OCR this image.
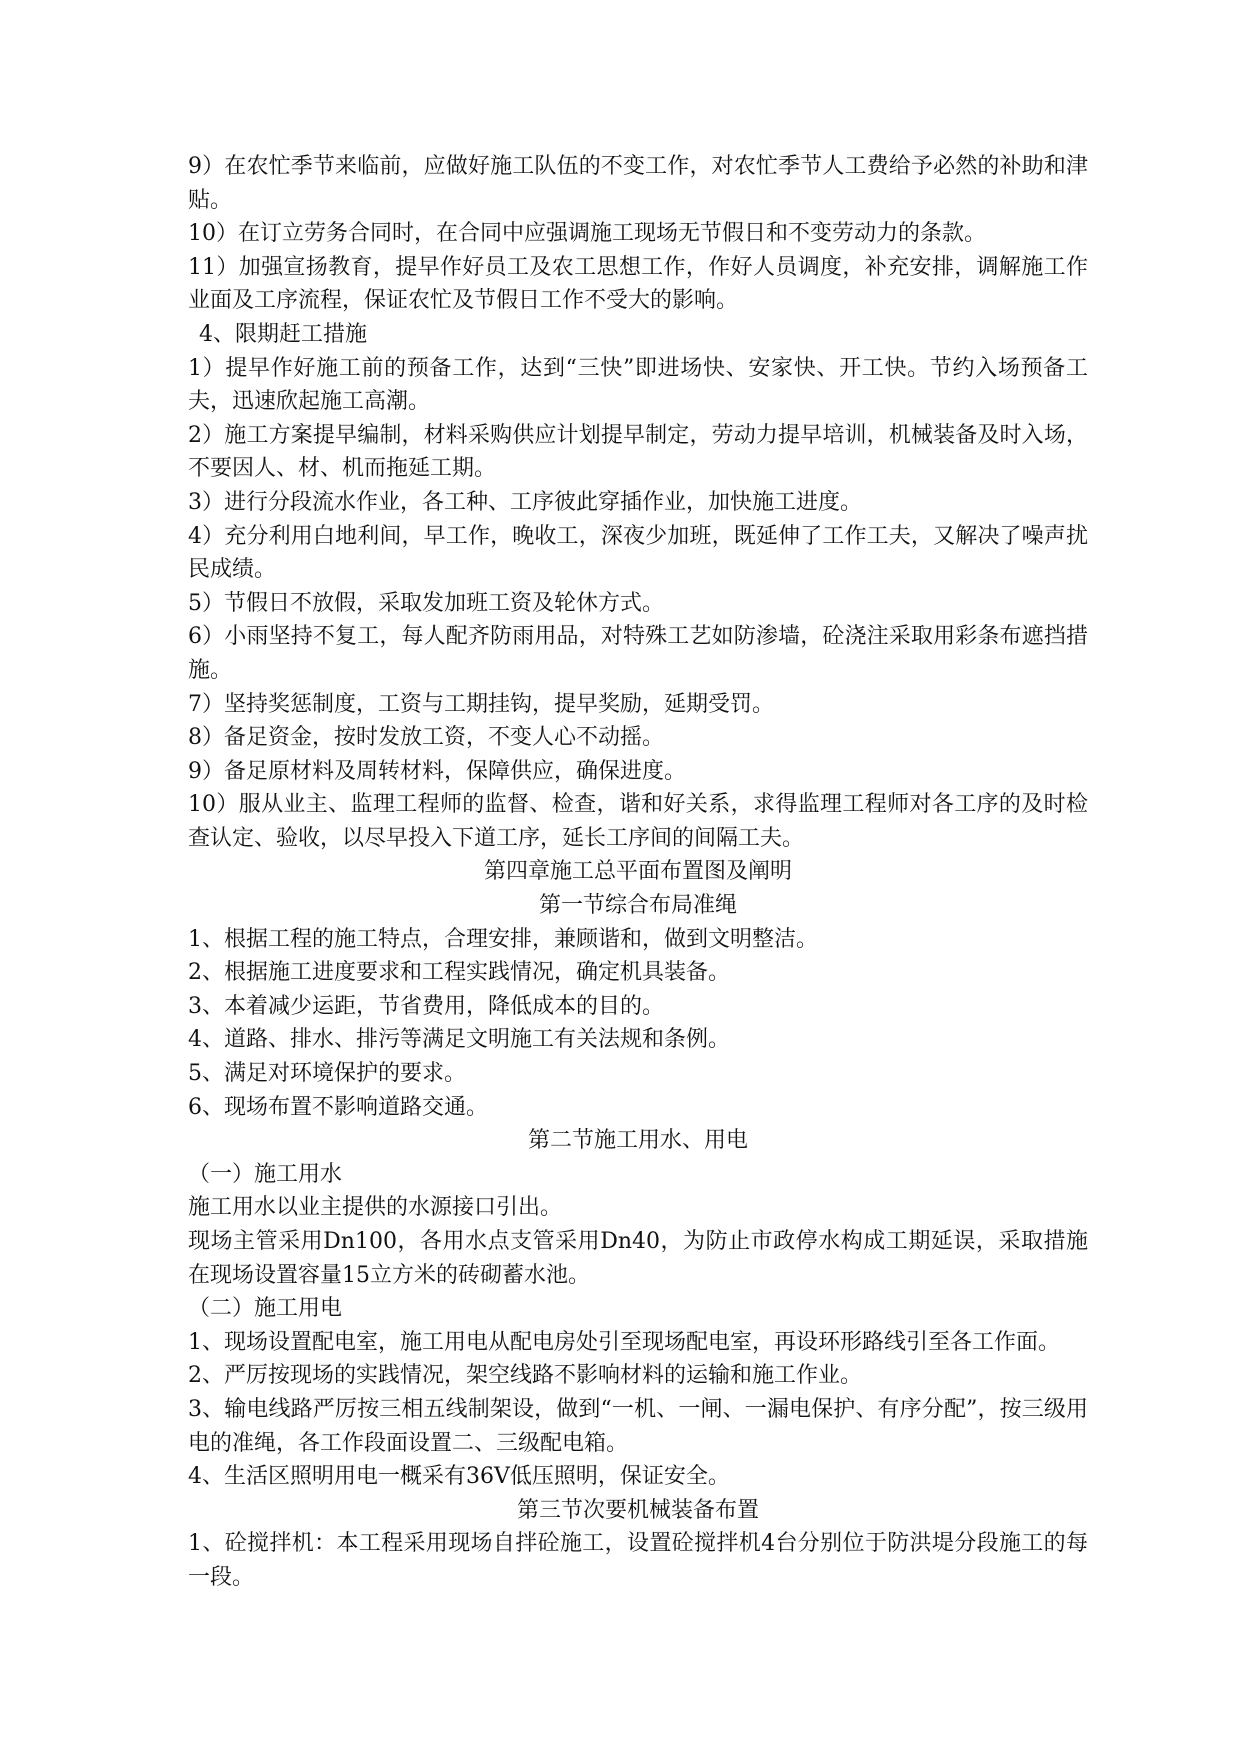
9）在农忙季节来临前，应做好施工队伍的不变工作，对农忙季节人工费给予必然的补助和津贴。

10）在订立劳务合同时，在合同中应强调施工现场无节假日和不变劳动力的条款。

11）加强宣扬教育，提早作好员工及农工思想工作，作好人员调度，补充安排，调解施工作业面及工序流程，保证农忙及节假日工作不受大的影响。

4、限期赶工措施

1）提早作好施工前的预备工作，达到“三快”即进场快、安家快、开工快。节约入场预备工夫，迅速欣起施工高潮。

2）施工方案提早编制，材料采购供应计划提早制定，劳动力提早培训，机械装备及时入场，不要因人、材、机而拖延工期。

3）进行分段流水作业，各工种、工序彼此穿插作业，加快施工进度。

4）充分利用白地利间，早工作，晚收工，深夜少加班，既延伸了工作工夫，又解决了噪声扰民成绩。

5）节假日不放假，采取发加班工资及轮休方式。

6）小雨坚持不复工，每人配齐防雨用品，对特殊工艺如防渗墙，砼浇注采取用彩条布遮挡措施。

7）坚持奖惩制度，工资与工期挂钩，提早奖励，延期受罚。

8）备足资金，按时发放工资，不变人心不动摇。

9）备足原材料及周转材料，保障供应，确保进度。

10）服从业主、监理工程师的监督、检查，谐和好关系，求得监理工程师对各工序的及时检查认定、验收，以尽早投入下道工序，延长工序间的间隔工夫。

第四章施工总平面布置图及阐明

第一节综合布局准绳

1、根据工程的施工特点，合理安排，兼顾谐和，做到文明整洁。

2、根据施工进度要求和工程实践情况，确定机具装备。

3、本着减少运距，节省费用，降低成本的目的。

4、道路、排水、排污等满足文明施工有关法规和条例。

5、满足对环境保护的要求。

6、现场布置不影响道路交通。

第二节施工用水、用电

（一）施工用水

施工用水以业主提供的水源接口引出。

现场主管采用Dn100，各用水点支管采用Dn40，为防止市政停水构成工期延误，采取措施在现场设置容量15立方米的砖砌蓄水池。

（二）施工用电

1、现场设置配电室，施工用电从配电房处引至现场配电室，再设环形路线引至各工作面。

2、严厉按现场的实践情况，架空线路不影响材料的运输和施工作业。

3、输电线路严厉按三相五线制架设，做到“一机、一闸、一漏电保护、有序分配”，按三级用电的准绳，各工作段面设置二、三级配电箱。

4、生活区照明用电一概采有36V低压照明，保证安全。

第三节次要机械装备布置

1、砼搅拌机：本工程采用现场自拌砼施工，设置砼搅拌机4台分别位于防洪堤分段施工的每一段。
